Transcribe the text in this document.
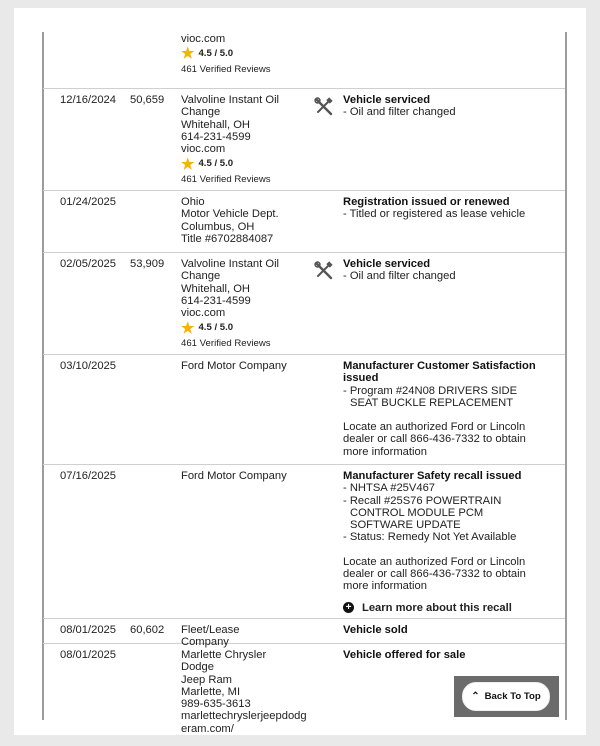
vioc.com
★ 4.5 / 5.0
461 Verified Reviews
12/16/2024 50,659 Valvoline Instant Oil
Change
Whitehall, OH
614-231-4599
vioc.com
★ 4.5 / 5.0
461 Verified Reviews
Vehicle serviced
- Oil and filter changed
01/24/2025	Ohio
Motor Vehicle Dept.
Columbus, OH
Title #6702884087
Registration issued or renewed
- Titled or registered as lease vehicle
02/05/2025 53,909 Valvoline Instant Oil
Change
Whitehall, OH
614-231-4599
vioc.com
★ 4.5 / 5.0
461 Verified Reviews
Vehicle serviced
- Oil and filter changed
03/10/2025	Ford Motor Company	Manufacturer Customer Satisfaction issued
- Program #24N08 DRIVERS SIDE SEAT BUCKLE REPLACEMENT
Locate an authorized Ford or Lincoln dealer or call 866-436-7332 to obtain more information
07/16/2025	Ford Motor Company	Manufacturer Safety recall issued
- NHTSA #25V467
- Recall #25S76 POWERTRAIN CONTROL MODULE PCM SOFTWARE UPDATE
- Status: Remedy Not Yet Available
Locate an authorized Ford or Lincoln dealer or call 866-436-7332 to obtain more information
+ Learn more about this recall
08/01/2025 60,602 Fleet/Lease Company
Vehicle sold
08/01/2025	Marlette Chrysler Dodge
Jeep Ram
Marlette, MI
989-635-3613
marlettechryslerjeepdodg
eram.com/
Vehicle offered for sale
⌃ Back To Top
